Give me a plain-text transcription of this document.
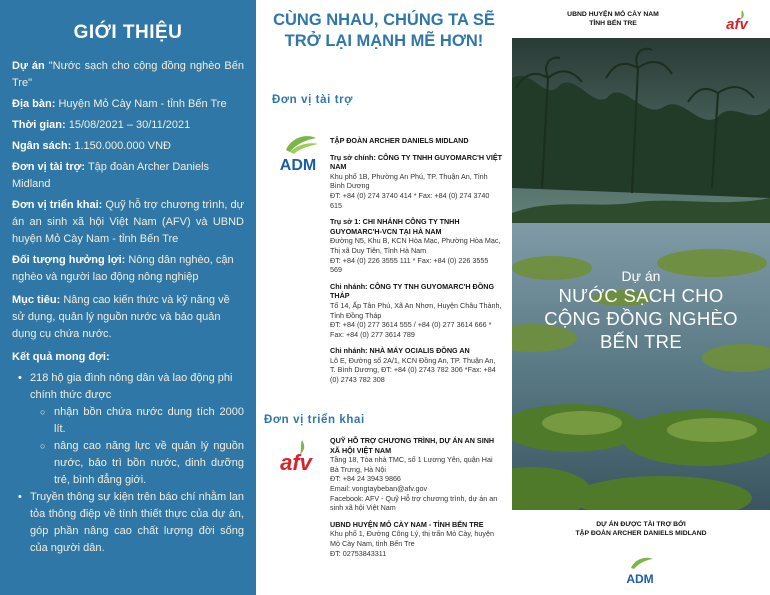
GIỚI THIỆU

Dự án "Nước sạch cho cộng đồng nghèo Bến Tre"

Địa bàn: Huyện Mỏ Cày Nam - tỉnh Bến Tre

Thời gian: 15/08/2021 – 30/11/2021

Ngân sách: 1.150.000.000 VNĐ

Đơn vị tài trợ: Tập đoàn Archer Daniels Midland

Đơn vị triển khai: Quỹ hỗ trợ chương trình, dự án an sinh xã hội Việt Nam (AFV) và UBND huyện Mỏ Cày Nam - tỉnh Bến Tre

Đối tượng hưởng lợi: Nông dân nghèo, cận nghèo và người lao động nông nghiệp

Mục tiêu: Nâng cao kiến thức và kỹ năng về sử dụng, quản lý nguồn nước và bảo quản dụng cụ chứa nước.

Kết quả mong đợi:

• 218 hộ gia đình nông dân và lao động phi chính thức được
○ nhận bồn chứa nước dung tích 2000 lít.
○ nâng cao năng lực về quản lý nguồn nước, bảo trì bồn nước, dinh dưỡng trẻ, bình đẳng giới.
• Truyền thông sự kiện trên báo chí nhằm lan tỏa thông điệp về tính thiết thực của dự án, góp phần nâng cao chất lượng đời sống của người dân.
CÙNG NHAU, CHÚNG TA SẼ
TRỞ LẠI MẠNH MẼ HƠN!
Đơn vị tài trợ
ADM
TẬP ĐOÀN ARCHER DANIELS MIDLAND
Trụ sở chính: CÔNG TY TNHH GUYOMARC'H VIỆT NAM
Khu phố 1B, Phường An Phú, TP. Thuận An, Tỉnh Bình Dương
ĐT: +84 (0) 274 3740 414 * Fax: +84 (0) 274 3740 615
Trụ sở 1: CHI NHÁNH CÔNG TY TNHH GUYOMARC'H-VCN TẠI HÀ NAM
Đường N5, Khu B, KCN Hòa Mạc, Phường Hòa Mạc, Thị xã Duy Tiên, Tỉnh Hà Nam
ĐT: +84 (0) 226 3555 111 * Fax: +84 (0) 226 3555 569
Chi nhánh: CÔNG TY TNH GUYOMARC'H ĐỒNG THÁP
Tổ 14, Ấp Tân Phú, Xã An Nhơn, Huyện Châu Thành, Tỉnh Đồng Tháp
ĐT: +84 (0) 277 3614 555 / +84 (0) 277 3614 666 * Fax: +84 (0) 277 3614 789
Chi nhánh: NHÀ MÁY OCIALIS ĐỒNG AN
Lô E, Đường số 2A/1, KCN Đồng An, TP. Thuận An, T. Bình Dương, ĐT: +84 (0) 2743 782 306 *Fax: +84 (0) 2743 782 308
Đơn vị triển khai
afv
QUỸ HỖ TRỢ CHƯƠNG TRÌNH, DỰ ÁN AN SINH XÃ HỘI VIỆT NAM
Tầng 18, Tòa nhà TMC, số 1 Lương Yên, quận Hai Bà Trưng, Hà Nội
ĐT: +84 24 3943 9866
Email: vongtaybeban@afv.gov
Facebook: AFV - Quỹ Hỗ trợ chương trình, dự án an sinh xã hội Việt Nam
UBND HUYỆN MỎ CÀY NAM - TỈNH BẾN TRE
Khu phố 1, Đường Công Lý, thị trấn Mỏ Cày, huyện Mỏ Cày Nam, tỉnh Bến Tre
ĐT: 02753843311
UBND HUYỆN MỎ CÀY NAM
TỈNH BẾN TRE	afv
Dự án
NƯỚC SẠCH CHO
CỘNG ĐỒNG NGHÈO
BẾN TRE
DỰ ÁN ĐƯỢC TÀI TRỢ BỞI
TẬP ĐOÀN ARCHER DANIELS MIDLAND
ADM
